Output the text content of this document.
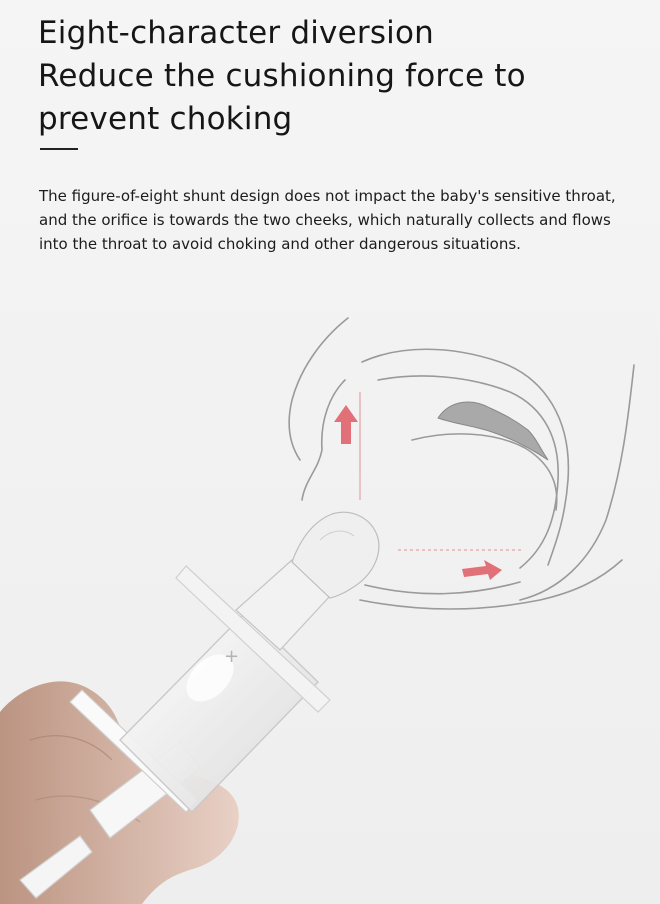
Eight-character diversion
Reduce the cushioning force to
prevent choking

The figure-of-eight shunt design does not impact the baby's sensitive throat,
and the orifice is towards the two cheeks, which naturally collects and flows
into the throat to avoid choking and other dangerous situations.

+
